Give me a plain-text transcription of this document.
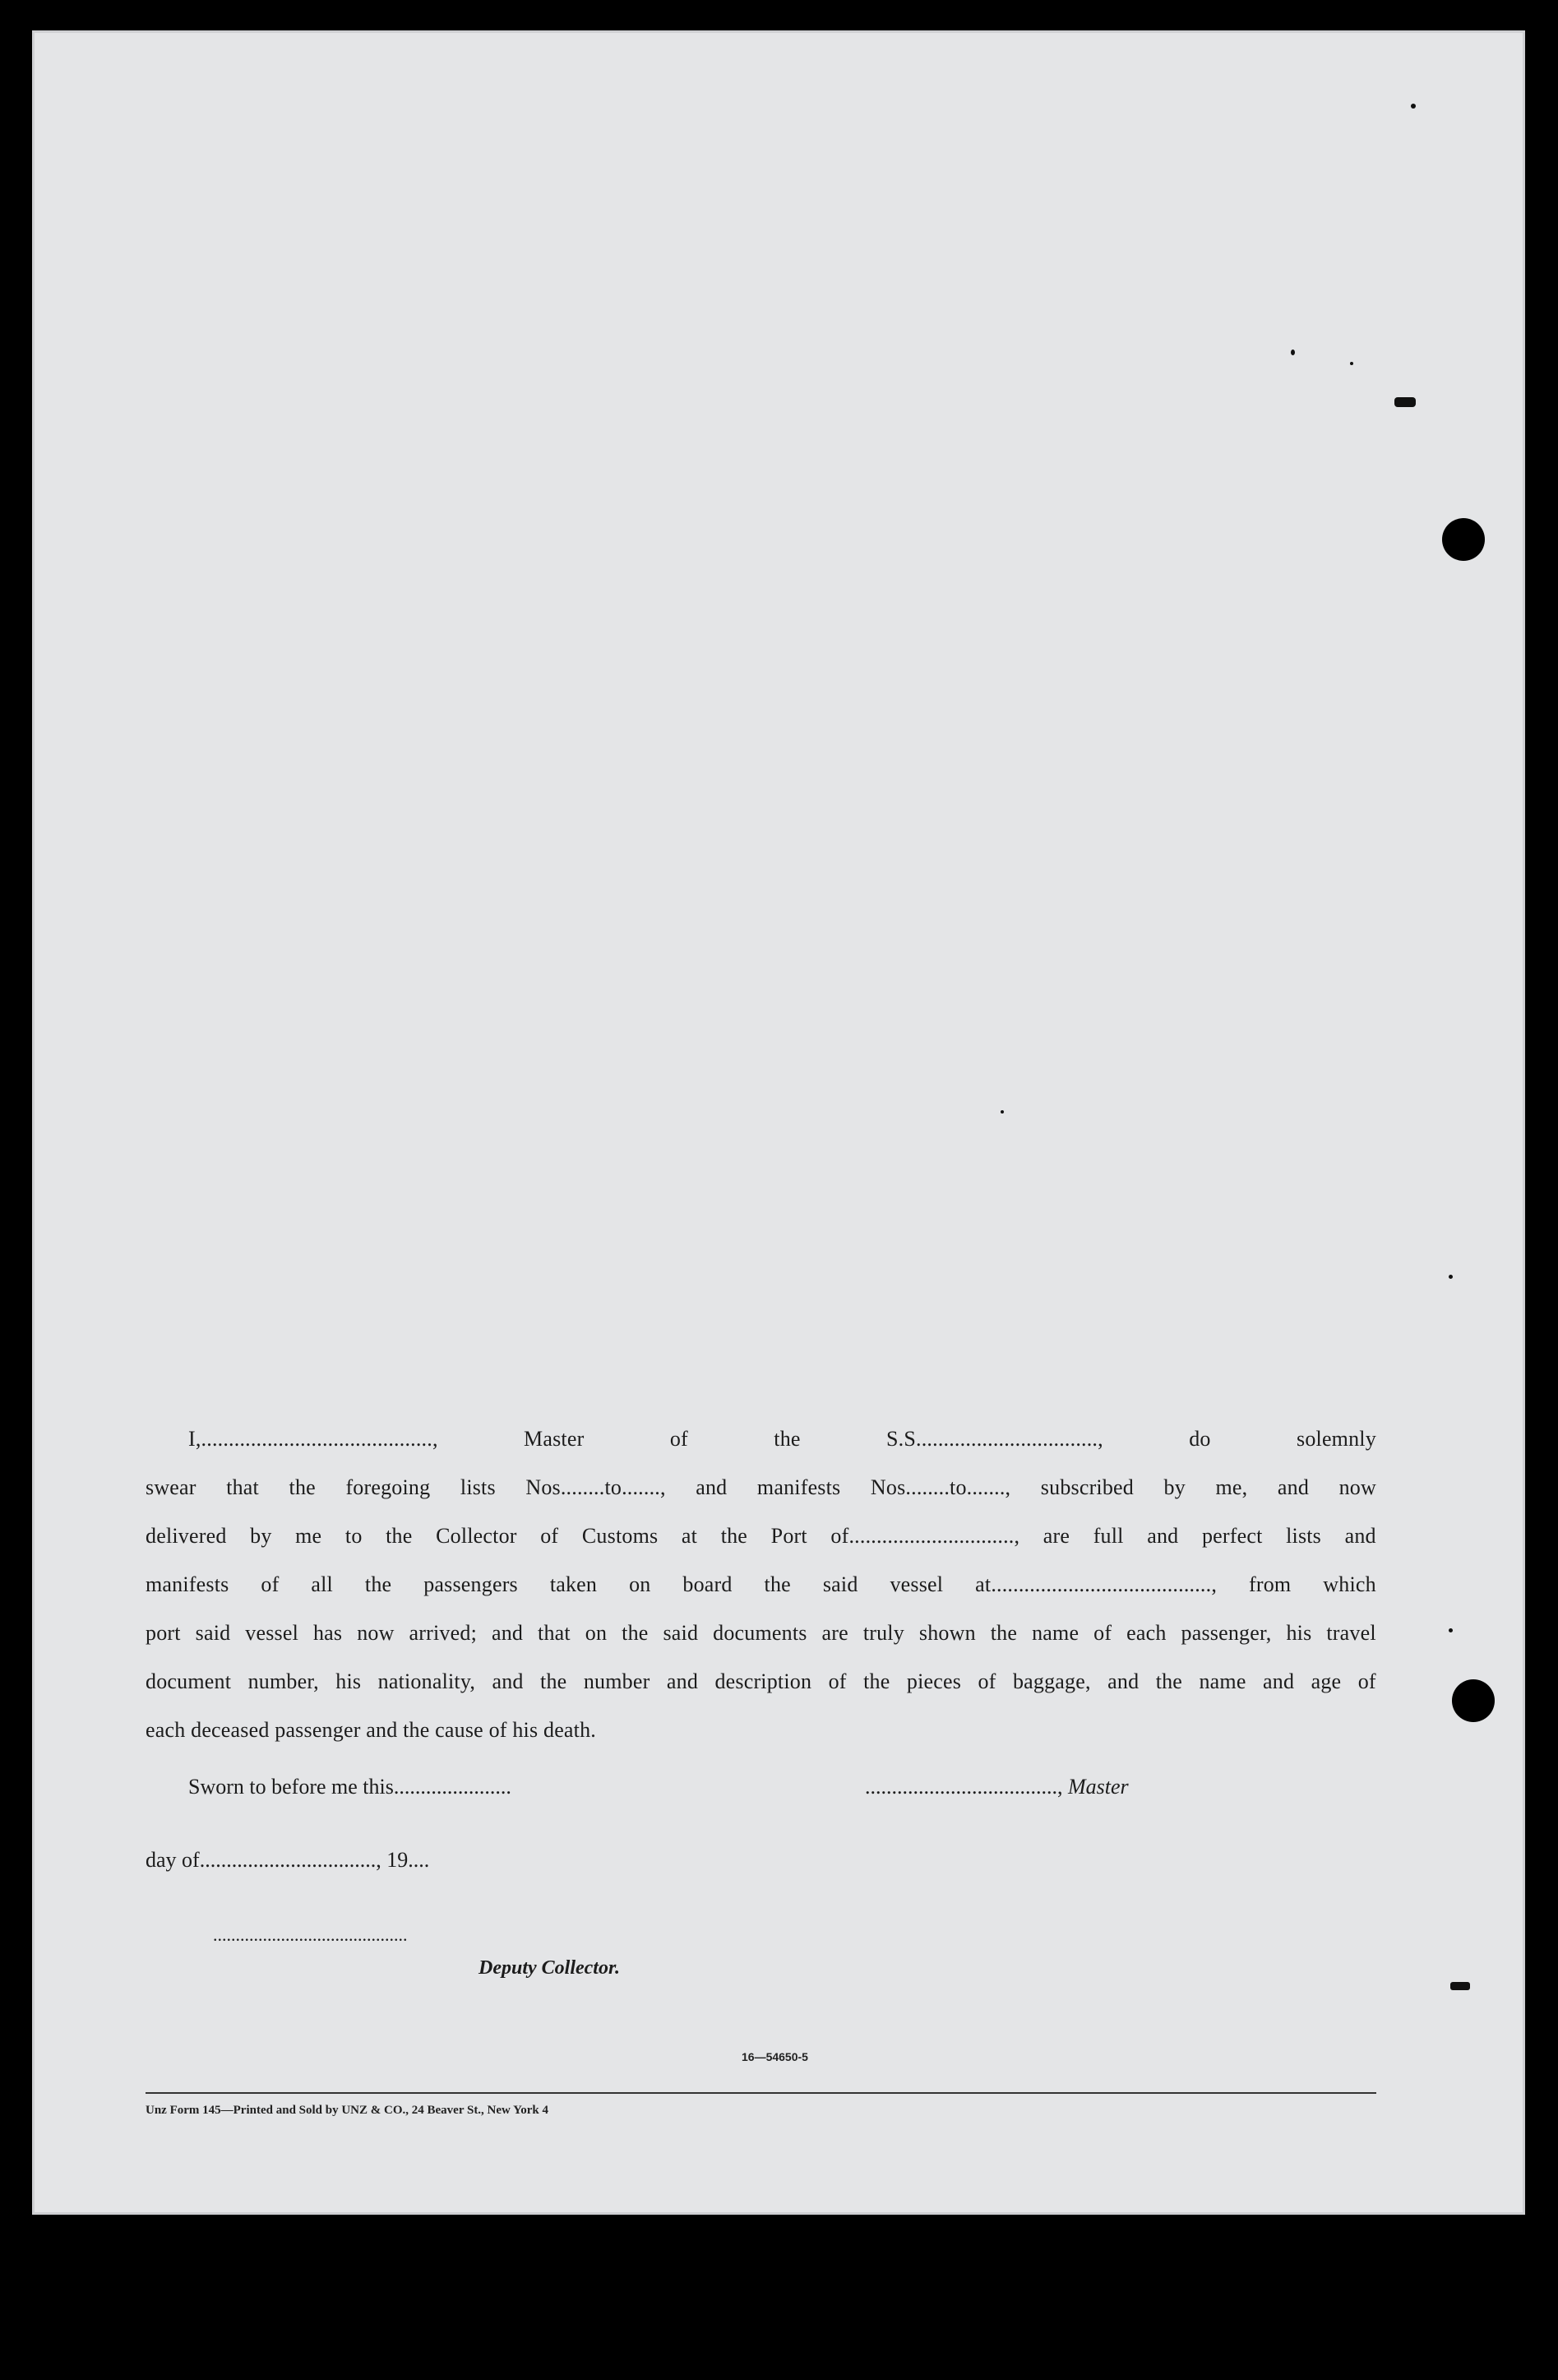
I,..........................................,	Master	of	the	S.S.................................,	do	solemnly
swear that the foregoing lists Nos........to......., and manifests Nos........to......., subscribed by me, and now
delivered by me to the Collector of Customs at the Port of.............................., are full and perfect lists and
manifests of all the passengers taken on board the said vessel at........................................, from which
port said vessel has now arrived; and that on the said documents are truly shown the name of each passenger, his travel
document number, his nationality, and the number and description of the pieces of baggage, and the name and age of
each deceased passenger and the cause of his death.
Sworn to before me this......................	...................................., Master
day of................................., 19....
...........................................
Deputy Collector.
16—54650-5
Unz Form 145—Printed and Sold by UNZ & CO., 24 Beaver St., New York 4
